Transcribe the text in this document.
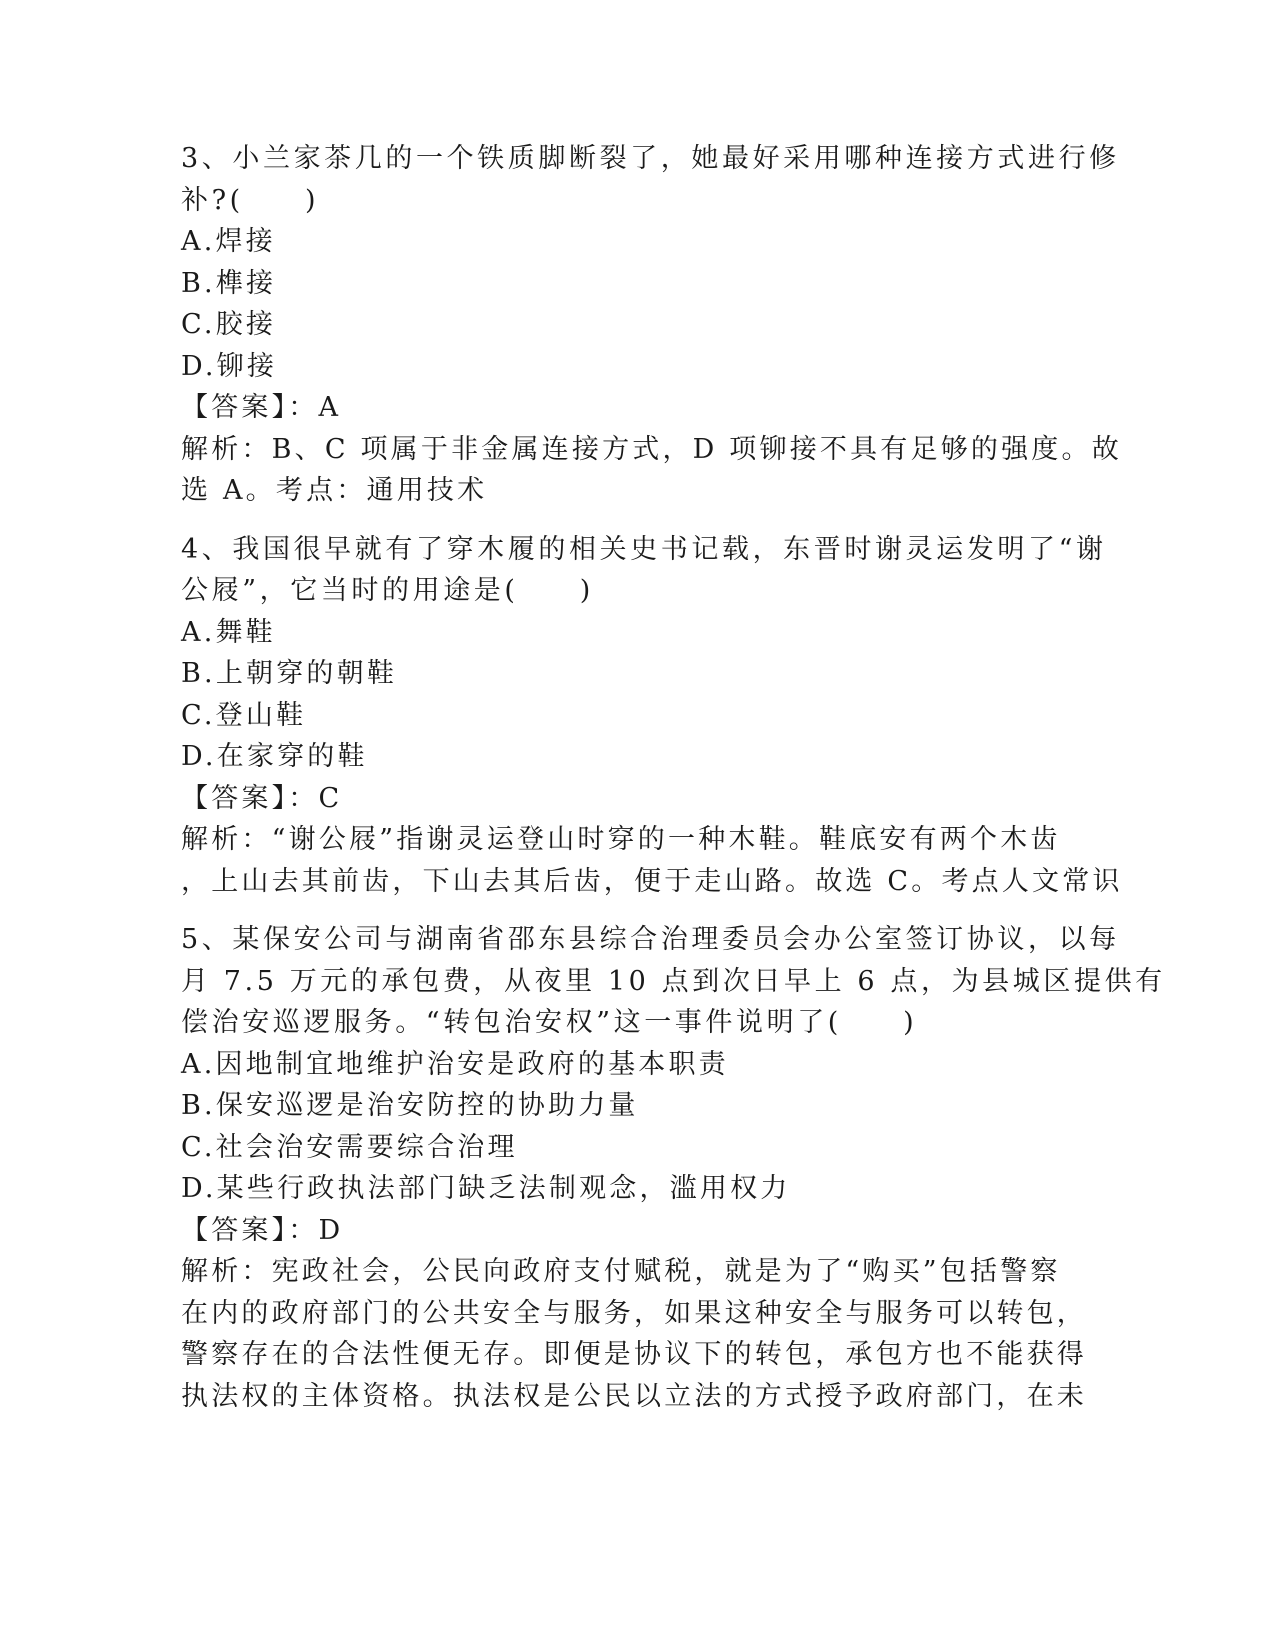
3、小兰家茶几的一个铁质脚断裂了，她最好采用哪种连接方式进行修
补?(　　)
A.焊接
B.榫接
C.胶接
D.铆接
【答案】：A
解析：B、C 项属于非金属连接方式，D 项铆接不具有足够的强度。故
选 A。考点：通用技术
4、我国很早就有了穿木履的相关史书记载，东晋时谢灵运发明了“谢
公屐”，它当时的用途是(　　)
A.舞鞋
B.上朝穿的朝鞋
C.登山鞋
D.在家穿的鞋
【答案】：C
解析：“谢公屐”指谢灵运登山时穿的一种木鞋。鞋底安有两个木齿
，上山去其前齿，下山去其后齿，便于走山路。故选 C。考点人文常识
5、某保安公司与湖南省邵东县综合治理委员会办公室签订协议，以每
月 7.5 万元的承包费，从夜里 10 点到次日早上 6 点，为县城区提供有
偿治安巡逻服务。“转包治安权”这一事件说明了(　　)
A.因地制宜地维护治安是政府的基本职责
B.保安巡逻是治安防控的协助力量
C.社会治安需要综合治理
D.某些行政执法部门缺乏法制观念，滥用权力
【答案】：D
解析：宪政社会，公民向政府支付赋税，就是为了“购买”包括警察
在内的政府部门的公共安全与服务，如果这种安全与服务可以转包，
警察存在的合法性便无存。即便是协议下的转包，承包方也不能获得
执法权的主体资格。执法权是公民以立法的方式授予政府部门，在未
